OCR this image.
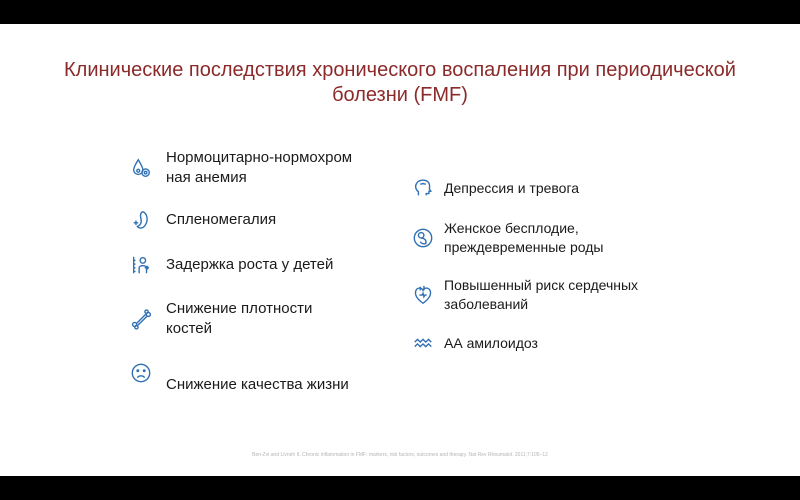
Клинические последствия хронического воспаления при периодической болезни (FMF)
Нормоцитарно-нормохром ная анемия
Спленомегалия
Задержка роста у детей
Снижение плотности костей
Снижение качества жизни
Депрессия и тревога
Женское бесплодие, преждевременные роды
Повышенный риск сердечных заболеваний
АА амилоидоз
Ben-Zvi and Livneh II. Chronic inflammation in FMF: markers, risk factors, outcomes and therapy. Nat Rev Rheumatol. 2011;7:105–12
